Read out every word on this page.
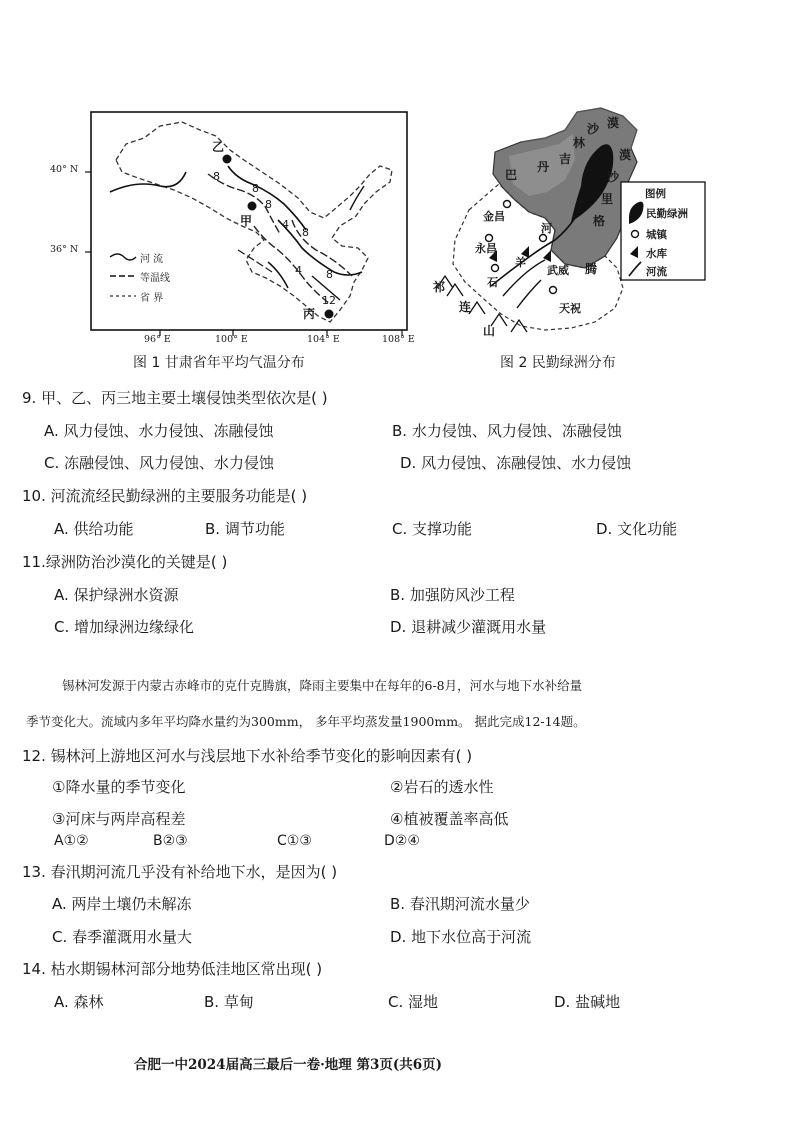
40° N
36° N
96° E	100° E	104° E	108° E
乙
甲
丙
8
8
8
4
8
4 8
12
河 流
等温线
省 界
图 1 甘肃省年平均气温分布
巴
丹
吉
林
沙 漠
腾
格
里
沙
漠
祁
连
山
河
石
羊
金昌
永昌
武威
天祝
图例
民勤绿洲
城镇
水库
河流
图 2 民勤绿洲分布
9. 甲、乙、丙三地主要土壤侵蚀类型依次是( )
A. 风力侵蚀、水力侵蚀、冻融侵蚀	B. 水力侵蚀、风力侵蚀、冻融侵蚀
C. 冻融侵蚀、风力侵蚀、水力侵蚀	D. 风力侵蚀、冻融侵蚀、水力侵蚀
10. 河流流经民勤绿洲的主要服务功能是( )
A. 供给功能	B. 调节功能	C. 支撑功能	D. 文化功能
11.绿洲防治沙漠化的关键是( )
A. 保护绿洲水资源	B. 加强防风沙工程
C. 增加绿洲边缘绿化	D. 退耕减少灌溉用水量
锡林河发源于内蒙古赤峰市的克什克腾旗，降雨主要集中在每年的6-8月，河水与地下水补给量
季节变化大。流域内多年平均降水量约为300mm， 多年平均蒸发量1900mm。 据此完成12-14题。
12. 锡林河上游地区河水与浅层地下水补给季节变化的影响因素有( )
①降水量的季节变化	②岩石的透水性
③河床与两岸高程差	④植被覆盖率高低
A①②	B②③	C①③	D②④
13. 春汛期河流几乎没有补给地下水，是因为( )
A. 两岸土壤仍未解冻	B. 春汛期河流水量少
C. 春季灌溉用水量大	D. 地下水位高于河流
14. 枯水期锡林河部分地势低洼地区常出现( )
A. 森林	B. 草甸	C. 湿地	D. 盐碱地
合肥一中2024届高三最后一卷·地理 第3页(共6页)
